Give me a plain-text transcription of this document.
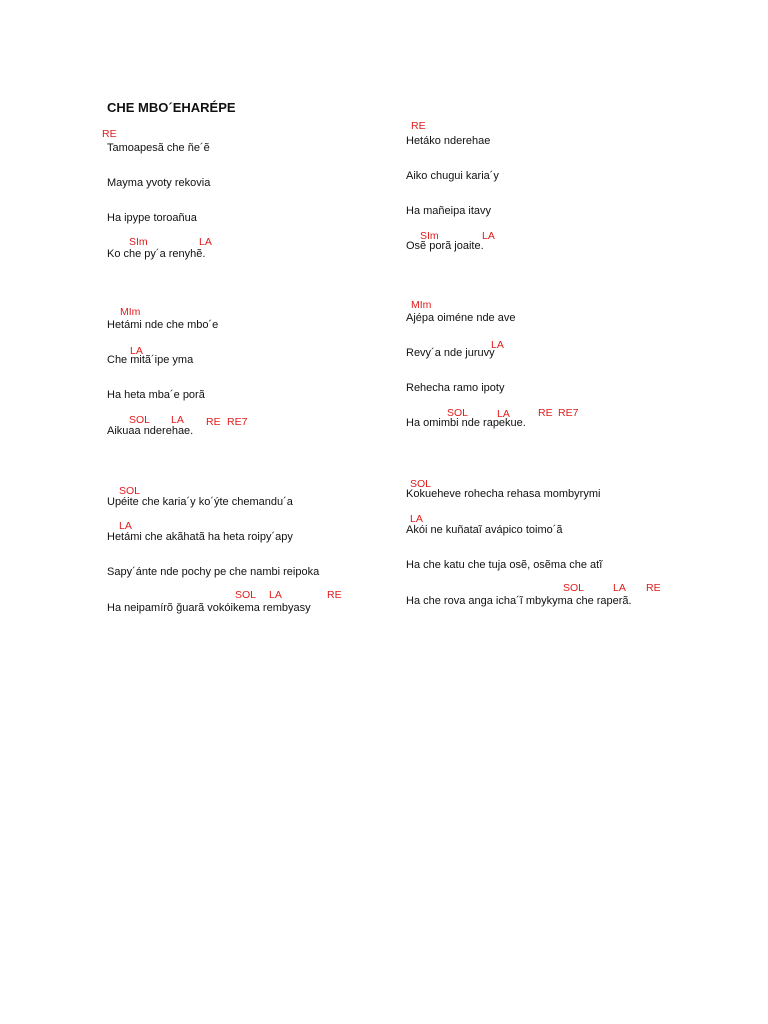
CHE MBO´EHARÉPE
RE
Tamoapesã che ñe´ẽ
Mayma yvoty rekovia
Ha ipype toroañua
SIm	LA
Ko che py´a renyhẽ.
MIm
Hetámi nde che mbo´e
LA
Che mitã´ipe yma
Ha heta mba´e porã
SOL LA RE RE7
Aikuaa nderehae.
SOL
Upéite che karia´y ko´ýte chemandu´a
LA
Hetámi che akãhatã ha heta roipy´apy
Sapy´ánte nde pochy pe che nambi reipoka
SOL LA	RE
Ha neipamírõ ğuarã vokóikema rembyasy
RE
Hetáko nderehae
Aiko chugui karia´y
Ha mañeipa itavy
SIm	LA
Osẽ porã joaite.
MIm
Ajépa oiméne nde ave
LA
Revy´a nde juruvy
Rehecha ramo ipoty
SOL	LA	RE RE7
Ha omimbi nde rapekue.
SOL
Kokueheve rohecha rehasa mombyrymi
LA
Akói ne kuñataĩ avápico toimo´ã
Ha che katu che tuja osẽ, osẽma che atĩ
SOL	LA RE
Ha che rova anga icha´ĩ mbykyma che raperã.
